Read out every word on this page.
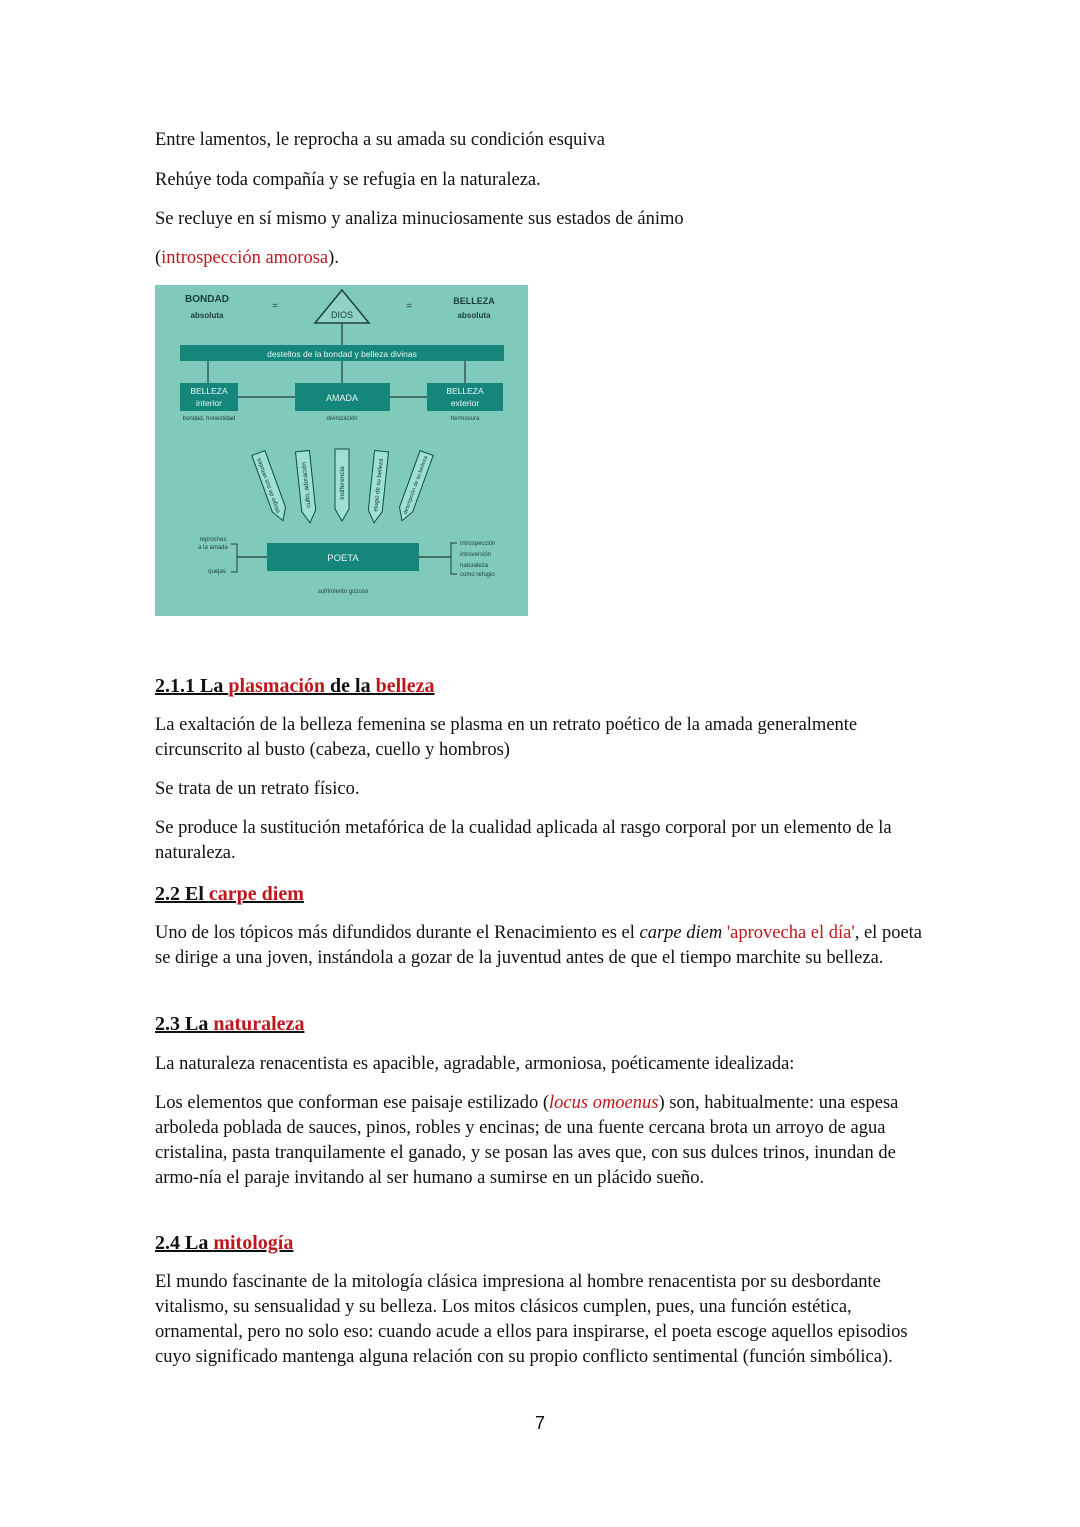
Entre lamentos, le reprocha a su amada su condición esquiva

Rehúye toda compañía y se refugia en la naturaleza.

Se recluye en sí mismo y analiza minuciosamente sus estados de ánimo

(introspección amorosa).

BONDAD
absoluta
=
DIOS
=	BELLEZA
absoluta
destellos de la bondad y belleza divinas
BELLEZA
interior
bondad, honestidad
AMADA
divinización
BELLEZA
exterior
hermosura
elogio de sus virtudes	culto, adoración	indiferencia	elogio de su belleza	descripción de su belleza
reproches
a la amada
quejas
POETA
sufrimiento gozoso
introspección
introversión
naturaleza
como refugio
2.1.1 La plasmación de la belleza

La exaltación de la belleza femenina se plasma en un retrato poético de la amada generalmente circunscrito al busto (cabeza, cuello y hombros)

Se trata de un retrato físico.

Se produce la sustitución metafórica de la cualidad aplicada al rasgo corporal por un elemento de la naturaleza.

2.2 El carpe diem

Uno de los tópicos más difundidos durante el Renacimiento es el carpe diem 'aprovecha el día', el poeta se dirige a una joven, instándola a gozar de la juventud antes de que el tiempo marchite su belleza.

2.3 La naturaleza

La naturaleza renacentista es apacible, agradable, armoniosa, poéticamente idealizada:

Los elementos que conforman ese paisaje estilizado (locus omoenus) son, habitualmente: una espesa arboleda poblada de sauces, pinos, robles y encinas; de una fuente cercana brota un arroyo de agua cristalina, pasta tranquilamente el ganado, y se posan las aves que, con sus dulces trinos, inundan de armo-nía el paraje invitando al ser humano a sumirse en un plácido sueño.

2.4 La mitología

El mundo fascinante de la mitología clásica impresiona al hombre renacentista por su desbordante vitalismo, su sensualidad y su belleza. Los mitos clásicos cumplen, pues, una función estética, ornamental, pero no solo eso: cuando acude a ellos para inspirarse, el poeta escoge aquellos episodios cuyo significado mantenga alguna relación con su propio conflicto sentimental (función simbólica).

7
